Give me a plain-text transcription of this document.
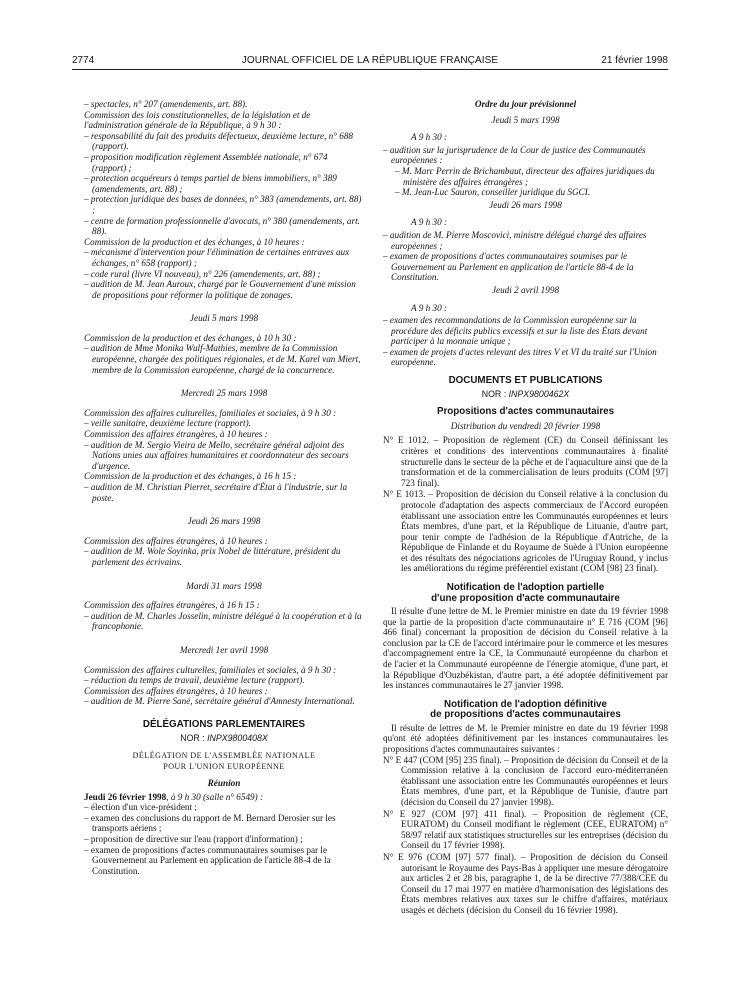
2774	JOURNAL OFFICIEL DE LA RÉPUBLIQUE FRANÇAISE	21 février 1998

– spectacles, n° 207 (amendements, art. 88).

Commission des lois constitutionnelles, de la législation et de l'administration générale de la République, à 9 h 30 :

– responsabilité du fait des produits défectueux, deuxième lecture, n° 688 (rapport).

– proposition modification règlement Assemblée nationale, n° 674 (rapport) ;

– protection acquéreurs à temps partiel de biens immobiliers, n° 389 (amendements, art. 88) ;

– protection juridique des bases de données, n° 383 (amendements, art. 88) ;

– centre de formation professionnelle d'avocats, n° 380 (amendements, art. 88).

Commission de la production et des échanges, à 10 heures :

– mécanisme d'intervention pour l'élimination de certaines entraves aux échanges, n° 658 (rapport) ;

– code rural (livre VI nouveau), n° 226 (amendements, art. 88) ;

– audition de M. Jean Auroux, chargé par le Gouvernement d'une mission de propositions pour réformer la politique de zonages.

Jeudi 5 mars 1998

Commission de la production et des échanges, à 10 h 30 :

– audition de Mme Monika Wulf-Mathies, membre de la Commission européenne, chargée des politiques régionales, et de M. Karel van Miert, membre de la Commission européenne, chargé de la concurrence.

Mercredi 25 mars 1998

Commission des affaires culturelles, familiales et sociales, à 9 h 30 :

– veille sanitaire, deuxième lecture (rapport).

Commission des affaires étrangères, à 10 heures :

– audition de M. Sergio Vieira de Mello, secrétaire général adjoint des Nations unies aux affaires humanitaires et coordonnateur des secours d'urgence.

Commission de la production et des échanges, à 16 h 15 :

– audition de M. Christian Pierret, secrétaire d'État à l'industrie, sur la poste.

Jeudi 26 mars 1998

Commission des affaires étrangères, à 10 heures :

– audition de M. Wole Soyinka, prix Nobel de littérature, président du parlement des écrivains.

Mardi 31 mars 1998

Commission des affaires étrangères, à 16 h 15 :

– audition de M. Charles Josselin, ministre délégué à la coopération et à la francophonie.

Mercredi 1er avril 1998

Commission des affaires culturelles, familiales et sociales, à 9 h 30 :

– réduction du temps de travail, deuxième lecture (rapport).

Commission des affaires étrangères, à 10 heures :

– audition de M. Pierre Sané, secrétaire général d'Amnesty International.

DÉLÉGATIONS PARLEMENTAIRES
NOR : INPX9800408X
DÉLÉGATION DE L'ASSEMBLÉE NATIONALE
POUR L'UNION EUROPÉENNE
Réunion

Jeudi 26 février 1998, à 9 h 30 (salle n° 6549) :

– élection d'un vice-président ;

– examen des conclusions du rapport de M. Bernard Derosier sur les transports aériens ;

– proposition de directive sur l'eau (rapport d'information) ;

– examen de propositions d'actes communautaires soumises par le Gouvernement au Parlement en application de l'article 88-4 de la Constitution.

Ordre du jour prévisionnel
Jeudi 5 mars 1998

A 9 h 30 :

– audition sur la jurisprudence de la Cour de justice des Communautés européennes :

– M. Marc Perrin de Brichambaut, directeur des affaires juridiques du ministère des affaires étrangères ;

– M. Jean-Luc Sauron, conseiller juridique du SGCI.

Jeudi 26 mars 1998

A 9 h 30 :

– audition de M. Pierre Moscovici, ministre délégué chargé des affaires européennes ;

– examen de propositions d'actes communautaires soumises par le Gouvernement au Parlement en application de l'article 88-4 de la Constitution.

Jeudi 2 avril 1998

A 9 h 30 :

– examen des recommandations de la Commission européenne sur la procédure des déficits publics excessifs et sur la liste des États devant participer à la monnaie unique ;

– examen de projets d'actes relevant des titres V et VI du traité sur l'Union européenne.

DOCUMENTS ET PUBLICATIONS
NOR : INPX9800462X
Propositions d'actes communautaires
Distribution du vendredi 20 février 1998

N° E 1012. – Proposition de règlement (CE) du Conseil définissant les critères et conditions des interventions communautaires à finalité structurelle dans le secteur de la pêche et de l'aquaculture ainsi que de la transformation et de la commercialisation de leurs produits (COM [97] 723 final).

N° E 1013. – Proposition de décision du Conseil relative à la conclusion du protocole d'adaptation des aspects commerciaux de l'Accord européen établissant une association entre les Communautés européennes et leurs États membres, d'une part, et la République de Lituanie, d'autre part, pour tenir compte de l'adhésion de la République d'Autriche, de la République de Finlande et du Royaume de Suède à l'Union européenne et des résultats des négociations agricoles de l'Uruguay Round, y inclus les améliorations du régime préférentiel existant (COM [98] 23 final).

Notification de l'adoption partielle
d'une proposition d'acte communautaire

Il résulte d'une lettre de M. le Premier ministre en date du 19 février 1998 que la partie de la proposition d'acte communautaire n° E 716 (COM [96] 466 final) concernant la proposition de décision du Conseil relative à la conclusion par la CE de l'accord intérimaire pour le commerce et les mesures d'accompagnement entre la CE, la Communauté européenne du charbon et de l'acier et la Communauté européenne de l'énergie atomique, d'une part, et la République d'Ouzbékistan, d'autre part, a été adoptée définitivement par les instances communautaires le 27 janvier 1998.

Notification de l'adoption définitive
de propositions d'actes communautaires

Il résulte de lettres de M. le Premier ministre en date du 19 février 1998 qu'ont été adoptées définitivement par les instances communautaires les propositions d'actes communautaires suivantes :

N° E 447 (COM [95] 235 final). – Proposition de décision du Conseil et de la Commission relative à la conclusion de l'accord euro-méditerranéen établissant une association entre les Communautés européennes et leurs États membres, d'une part, et la République de Tunisie, d'autre part (décision du Conseil du 27 janvier 1998).

N° E 927 (COM [97] 411 final). – Proposition de règlement (CE, EURATOM) du Conseil modifiant le règlement (CEE, EURATOM) n° 58/97 relatif aux statistiques structurelles sur les entreprises (décision du Conseil du 17 février 1998).

N° E 976 (COM [97] 577 final). – Proposition de décision du Conseil autorisant le Royaume des Pays-Bas à appliquer une mesure dérogatoire aux articles 2 et 28 bis, paragraphe 1, de la 6e directive 77/388/CEE du Conseil du 17 mai 1977 en matière d'harmonisation des législations des États membres relatives aux taxes sur le chiffre d'affaires, matériaux usagés et déchets (décision du Conseil du 16 février 1998).
